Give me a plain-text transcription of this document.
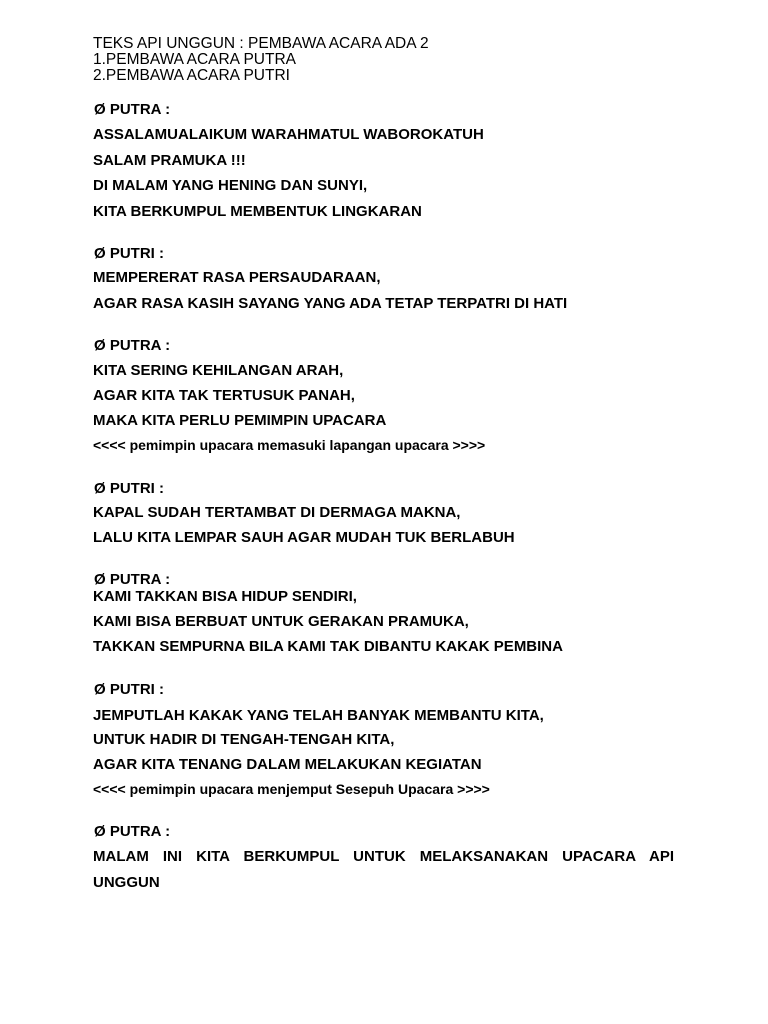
TEKS API UNGGUN : PEMBAWA ACARA ADA 2

1.PEMBAWA ACARA PUTRA

2.PEMBAWA ACARA PUTRI

Ø PUTRA :

ASSALAMUALAIKUM WARAHMATUL WABOROKATUH

SALAM PRAMUKA !!!

DI MALAM YANG HENING DAN SUNYI,

KITA BERKUMPUL MEMBENTUK LINGKARAN

Ø PUTRI :

MEMPERERAT RASA PERSAUDARAAN,

AGAR RASA KASIH SAYANG YANG ADA TETAP TERPATRI DI HATI

Ø PUTRA :

KITA SERING KEHILANGAN ARAH,

AGAR KITA TAK TERTUSUK PANAH,

MAKA KITA PERLU PEMIMPIN UPACARA

<<<< pemimpin upacara memasuki lapangan upacara >>>>

Ø PUTRI :

KAPAL SUDAH TERTAMBAT DI DERMAGA MAKNA,

LALU KITA LEMPAR SAUH AGAR MUDAH TUK BERLABUH

Ø PUTRA :

KAMI TAKKAN BISA HIDUP SENDIRI,

KAMI BISA BERBUAT UNTUK GERAKAN PRAMUKA,

TAKKAN SEMPURNA BILA KAMI TAK DIBANTU KAKAK PEMBINA

Ø PUTRI :

JEMPUTLAH KAKAK YANG TELAH BANYAK MEMBANTU KITA,

UNTUK HADIR DI TENGAH-TENGAH KITA,

AGAR KITA TENANG DALAM MELAKUKAN KEGIATAN

<<<< pemimpin upacara menjemput Sesepuh Upacara >>>>

Ø PUTRA :

MALAM INI KITA BERKUMPUL UNTUK MELAKSANAKAN UPACARA API

UNGGUN
